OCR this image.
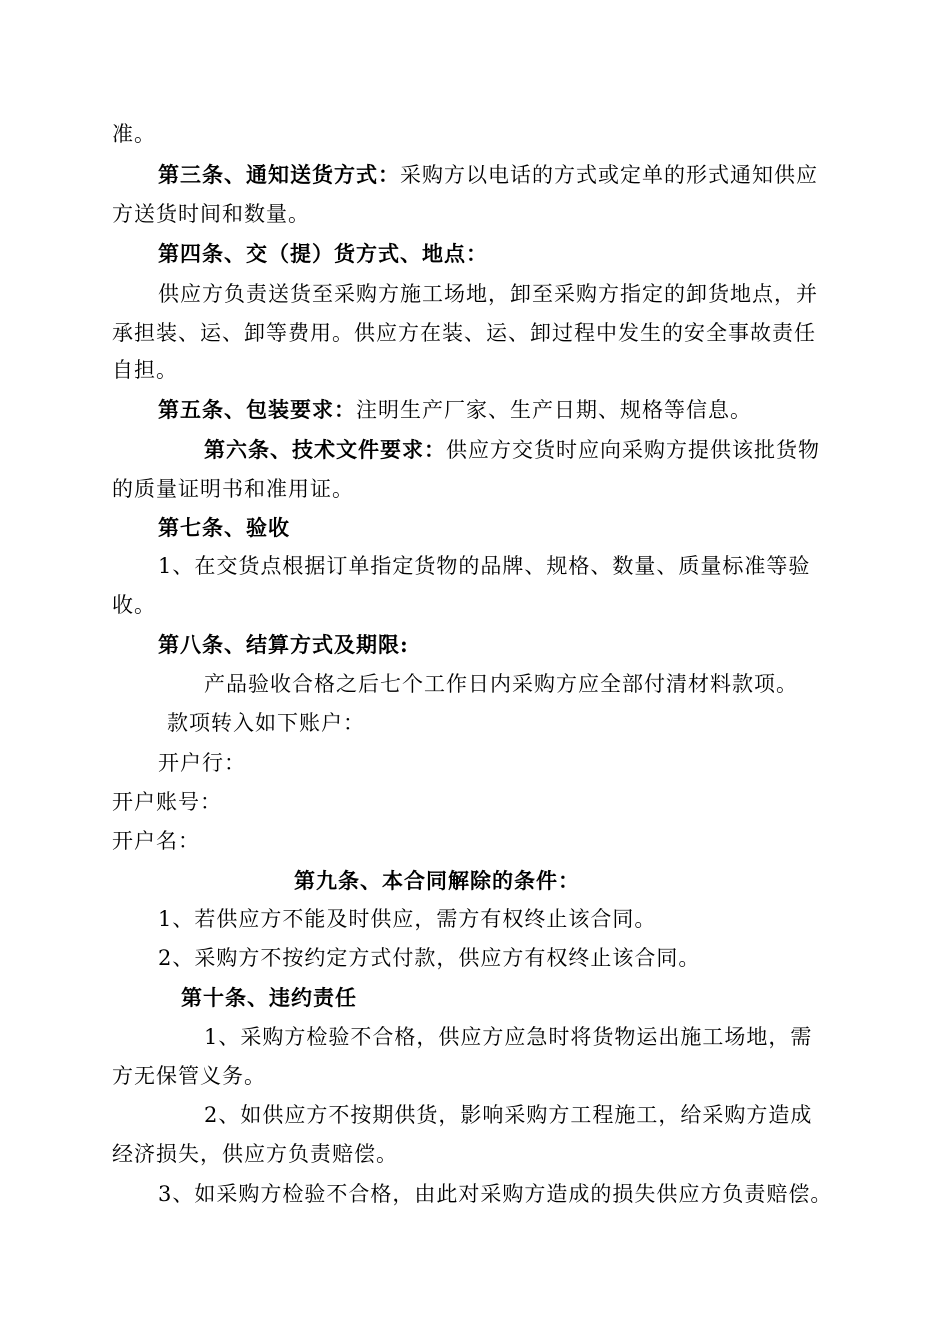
准。
第三条、通知送货方式：采购方以电话的方式或定单的形式通知供应
方送货时间和数量。
第四条、交（提）货方式、地点：
供应方负责送货至采购方施工场地，卸至采购方指定的卸货地点，并
承担装、运、卸等费用。供应方在装、运、卸过程中发生的安全事故责任
自担。
第五条、包装要求：注明生产厂家、生产日期、规格等信息。
第六条、技术文件要求：供应方交货时应向采购方提供该批货物
的质量证明书和准用证。
第七条、验收
1、在交货点根据订单指定货物的品牌、规格、数量、质量标准等验
收。
第八条、结算方式及期限:
产品验收合格之后七个工作日内采购方应全部付清材料款项。
款项转入如下账户：
开户行：
开户账号：
开户名：
第九条、本合同解除的条件：
1、若供应方不能及时供应，需方有权终止该合同。
2、采购方不按约定方式付款，供应方有权终止该合同。
第十条、违约责任
1、采购方检验不合格，供应方应急时将货物运出施工场地，需
方无保管义务。
2、如供应方不按期供货，影响采购方工程施工，给采购方造成
经济损失，供应方负责赔偿。
3、如采购方检验不合格，由此对采购方造成的损失供应方负责赔偿。
